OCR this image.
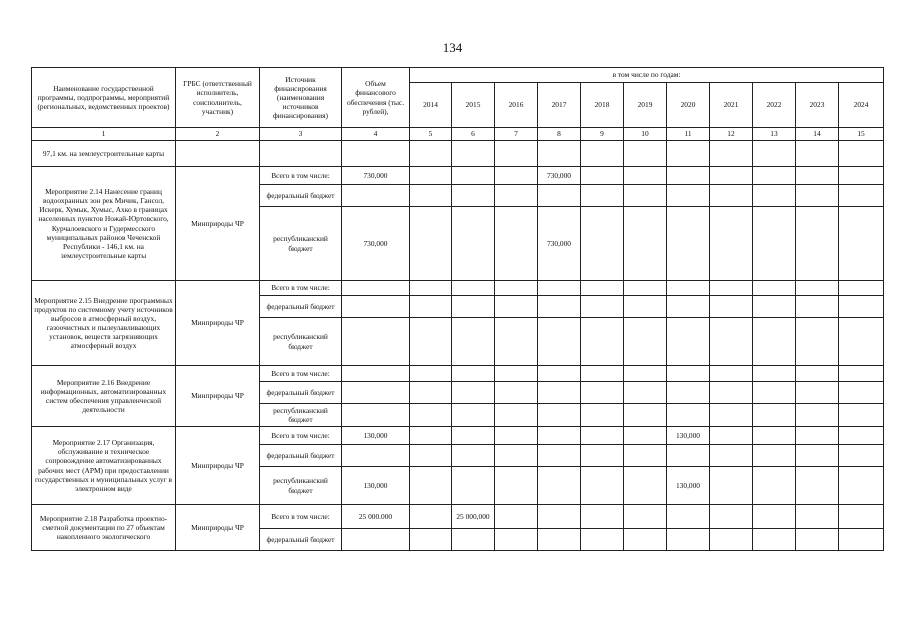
134
Наименование государственной программы, подпрограммы, мероприятий (региональных, ведомственных проектов)	ГРБС (ответственный исполнитель, соисполнитель, участник)	Источник финансирования (наименования источников финансирования)	Объем финансового обеспечения (тыс. рублей),	в том числе по годам:										
				2014	2015	2016	2017	2018	2019	2020	2021	2022	2023	2024
1	2	3	4	5	6	7	8	9	10	11	12	13	14	15
97,1 км. на землеустроительные карты														
Мероприятие 2.14 Нанесение границ водоохранных зон рек Мичик, Гансол, Искерк, Хумык, Хумыс, Ахко в границах населенных пунктов Ножай-Юртовского, Курчалоевского и Гудермесского муниципальных районов Чеченской Республики - 146,1 км. на землеустроительные карты	Минприроды ЧР	Всего в том числе:	730,000				730,000							
		федеральный бюджет												
		республиканский бюджет	730,000				730,000							
Мероприятие 2.15 Внедрение программных продуктов по системному учету источников выбросов в атмосферный воздух, газоочистных и пылеулавливающих установок, веществ загрязняющих атмосферный воздух	Минприроды ЧР	Всего в том числе:												
		федеральный бюджет												
		республиканский бюджет												
Мероприятие 2.16 Внедрение информационных, автоматизированных систем обеспечения управленческой деятельности	Минприроды ЧР	Всего в том числе:												
		федеральный бюджет												
		республиканский бюджет												
Мероприятие 2.17 Организация, обслуживание и техническое сопровождение автоматизированных рабочих мест (АРМ) при предоставлении государственных и муниципальных услуг в электронном виде	Минприроды ЧР	Всего в том числе:	130,000							130,000				
		федеральный бюджет												
		республиканский бюджет	130,000							130,000				
Мероприятие 2.18 Разработка проектно-сметной документации по 27 объектам накопленного экологического	Минприроды ЧР	Всего в том числе:	25 000.000		25 000,000									
		федеральный бюджет												
